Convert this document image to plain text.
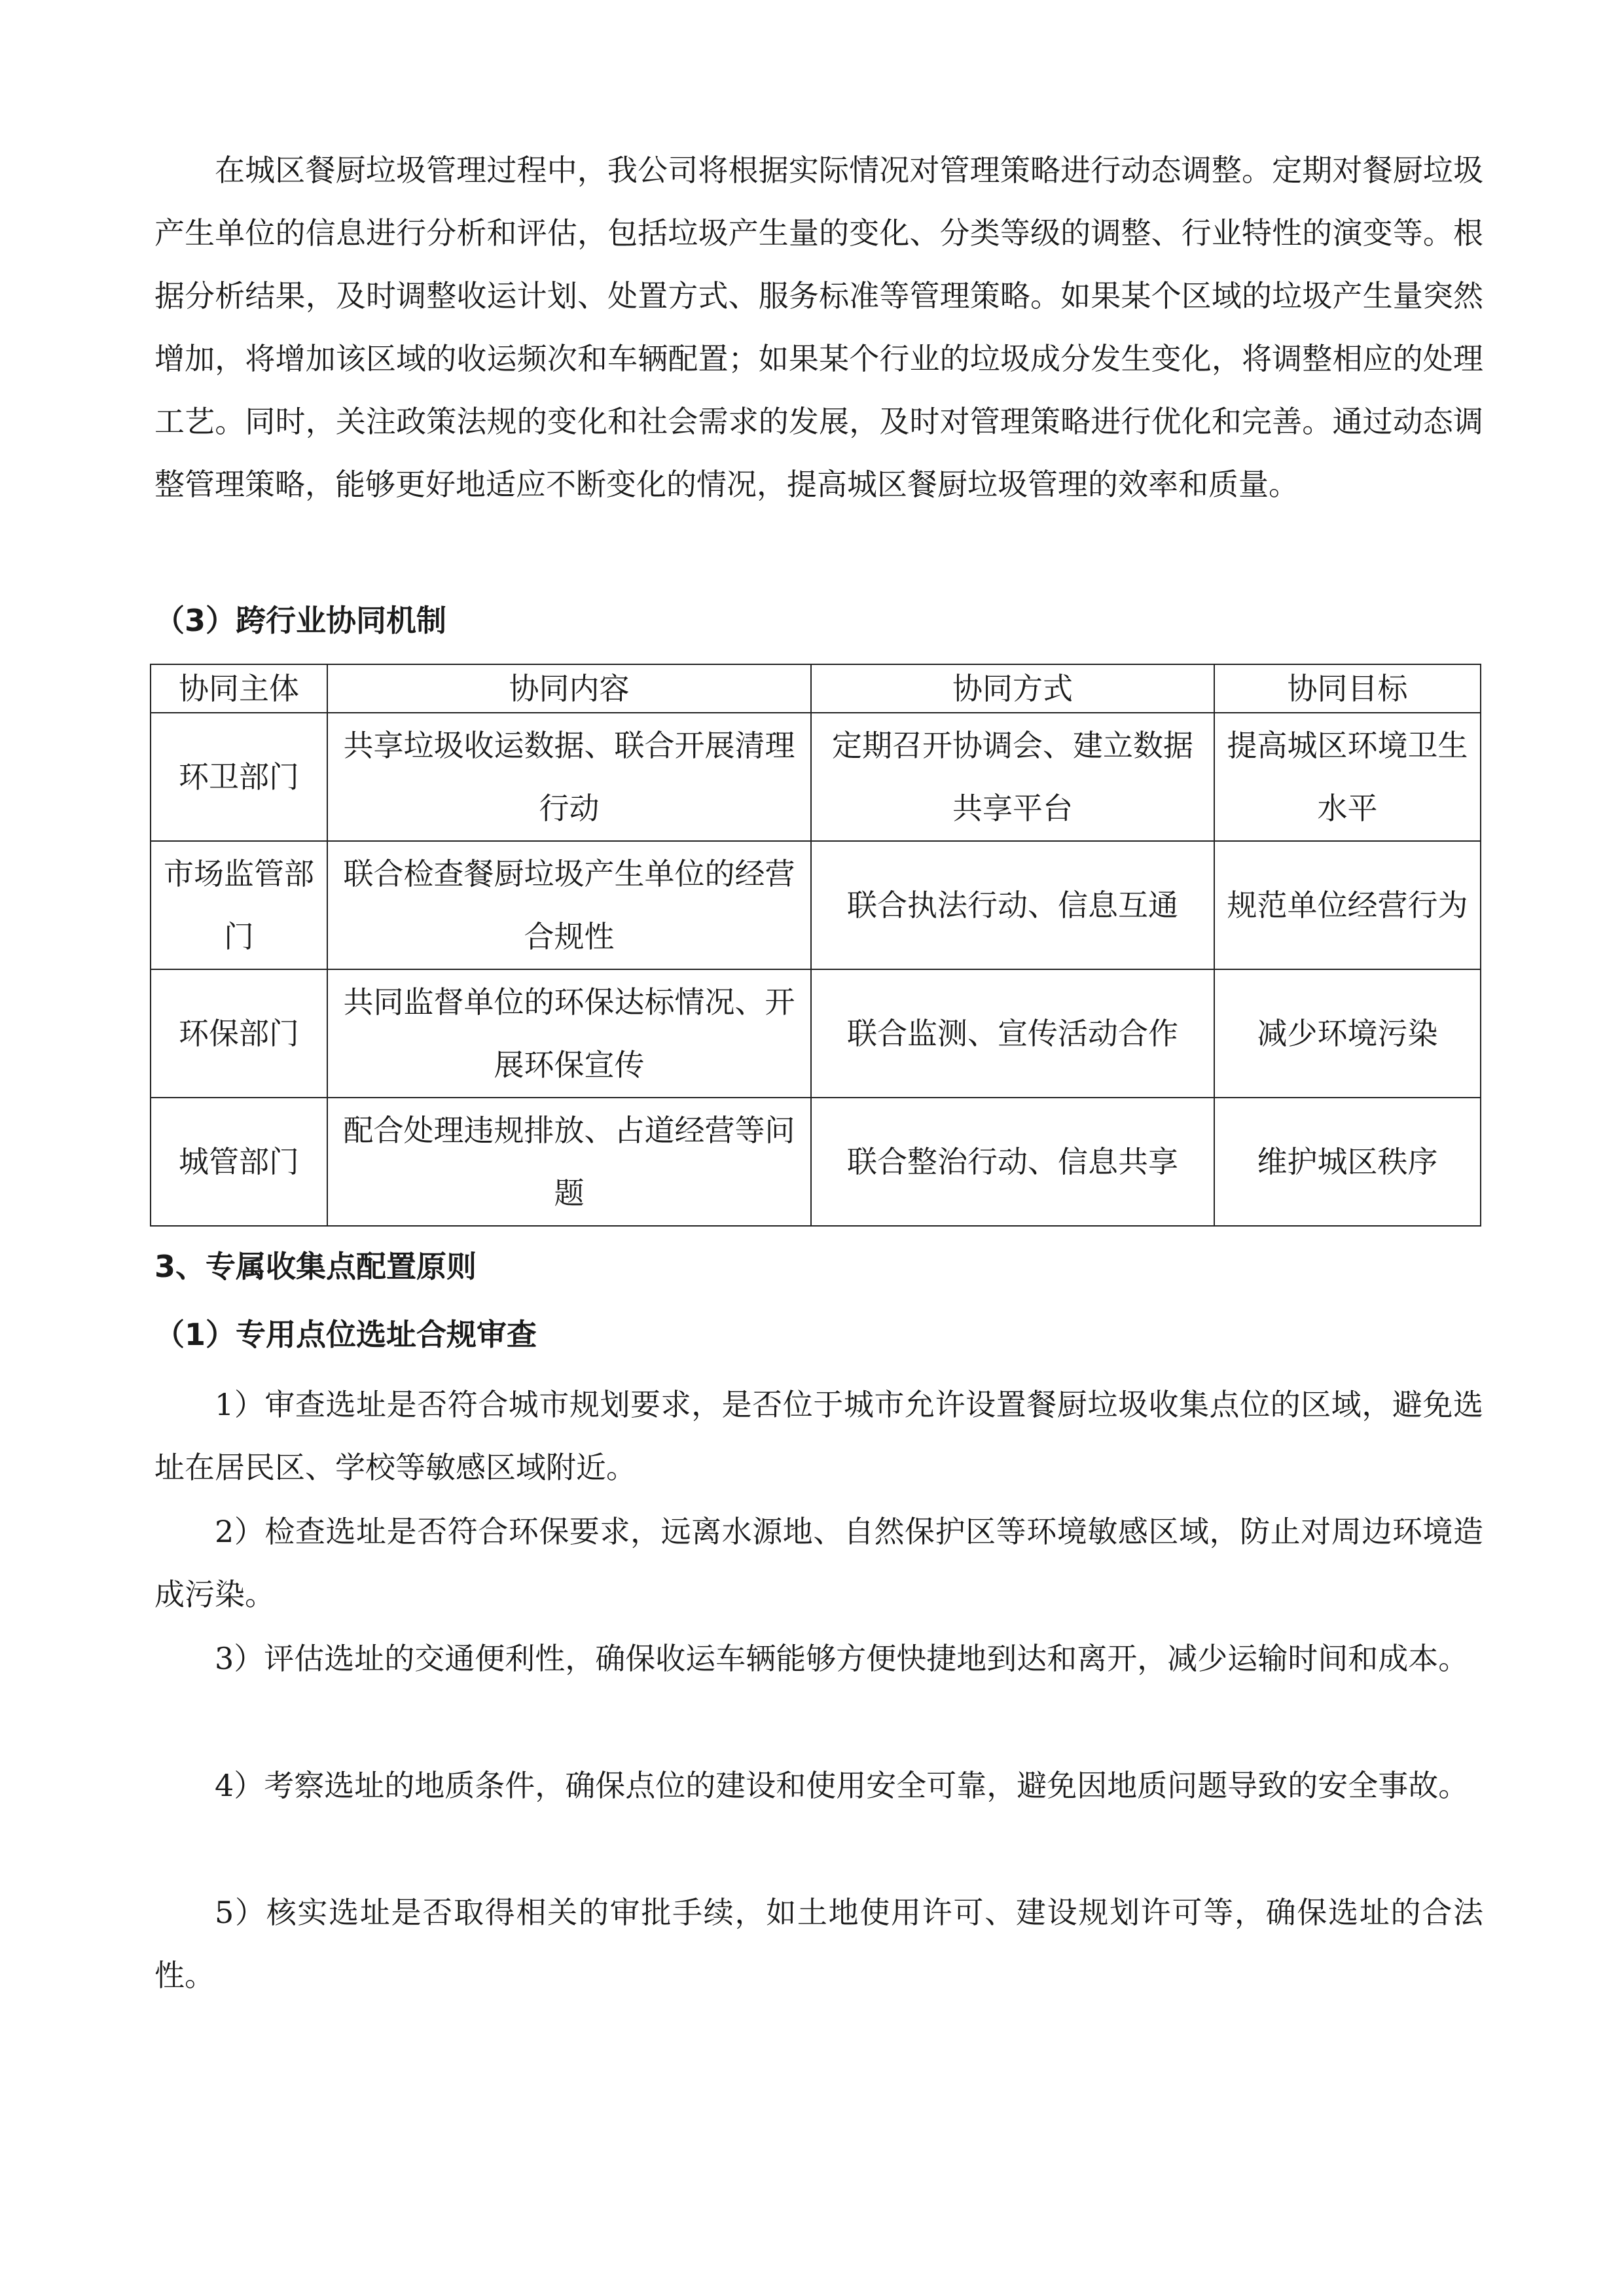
在城区餐厨垃圾管理过程中，我公司将根据实际情况对管理策略进行动态调整。定期对餐厨垃圾产生单位的信息进行分析和评估，包括垃圾产生量的变化、分类等级的调整、行业特性的演变等。根据分析结果，及时调整收运计划、处置方式、服务标准等管理策略。如果某个区域的垃圾产生量突然增加，将增加该区域的收运频次和车辆配置；如果某个行业的垃圾成分发生变化，将调整相应的处理工艺。同时，关注政策法规的变化和社会需求的发展，及时对管理策略进行优化和完善。通过动态调整管理策略，能够更好地适应不断变化的情况，提高城区餐厨垃圾管理的效率和质量。

（3）跨行业协同机制
协同主体	协同内容	协同方式	协同目标
环卫部门	共享垃圾收运数据、联合开展清理行动	定期召开协调会、建立数据共享平台	提高城区环境卫生水平
市场监管部门	联合检查餐厨垃圾产生单位的经营合规性	联合执法行动、信息互通	规范单位经营行为
环保部门	共同监督单位的环保达标情况、开展环保宣传	联合监测、宣传活动合作	减少环境污染
城管部门	配合处理违规排放、占道经营等问题	联合整治行动、信息共享	维护城区秩序
3、专属收集点配置原则
（1）专用点位选址合规审查

1）审查选址是否符合城市规划要求，是否位于城市允许设置餐厨垃圾收集点位的区域，避免选址在居民区、学校等敏感区域附近。

2）检查选址是否符合环保要求，远离水源地、自然保护区等环境敏感区域，防止对周边环境造成污染。

3）评估选址的交通便利性，确保收运车辆能够方便快捷地到达和离开，减少运输时间和成本。

4）考察选址的地质条件，确保点位的建设和使用安全可靠，避免因地质问题导致的安全事故。

5）核实选址是否取得相关的审批手续，如土地使用许可、建设规划许可等，确保选址的合法性。
